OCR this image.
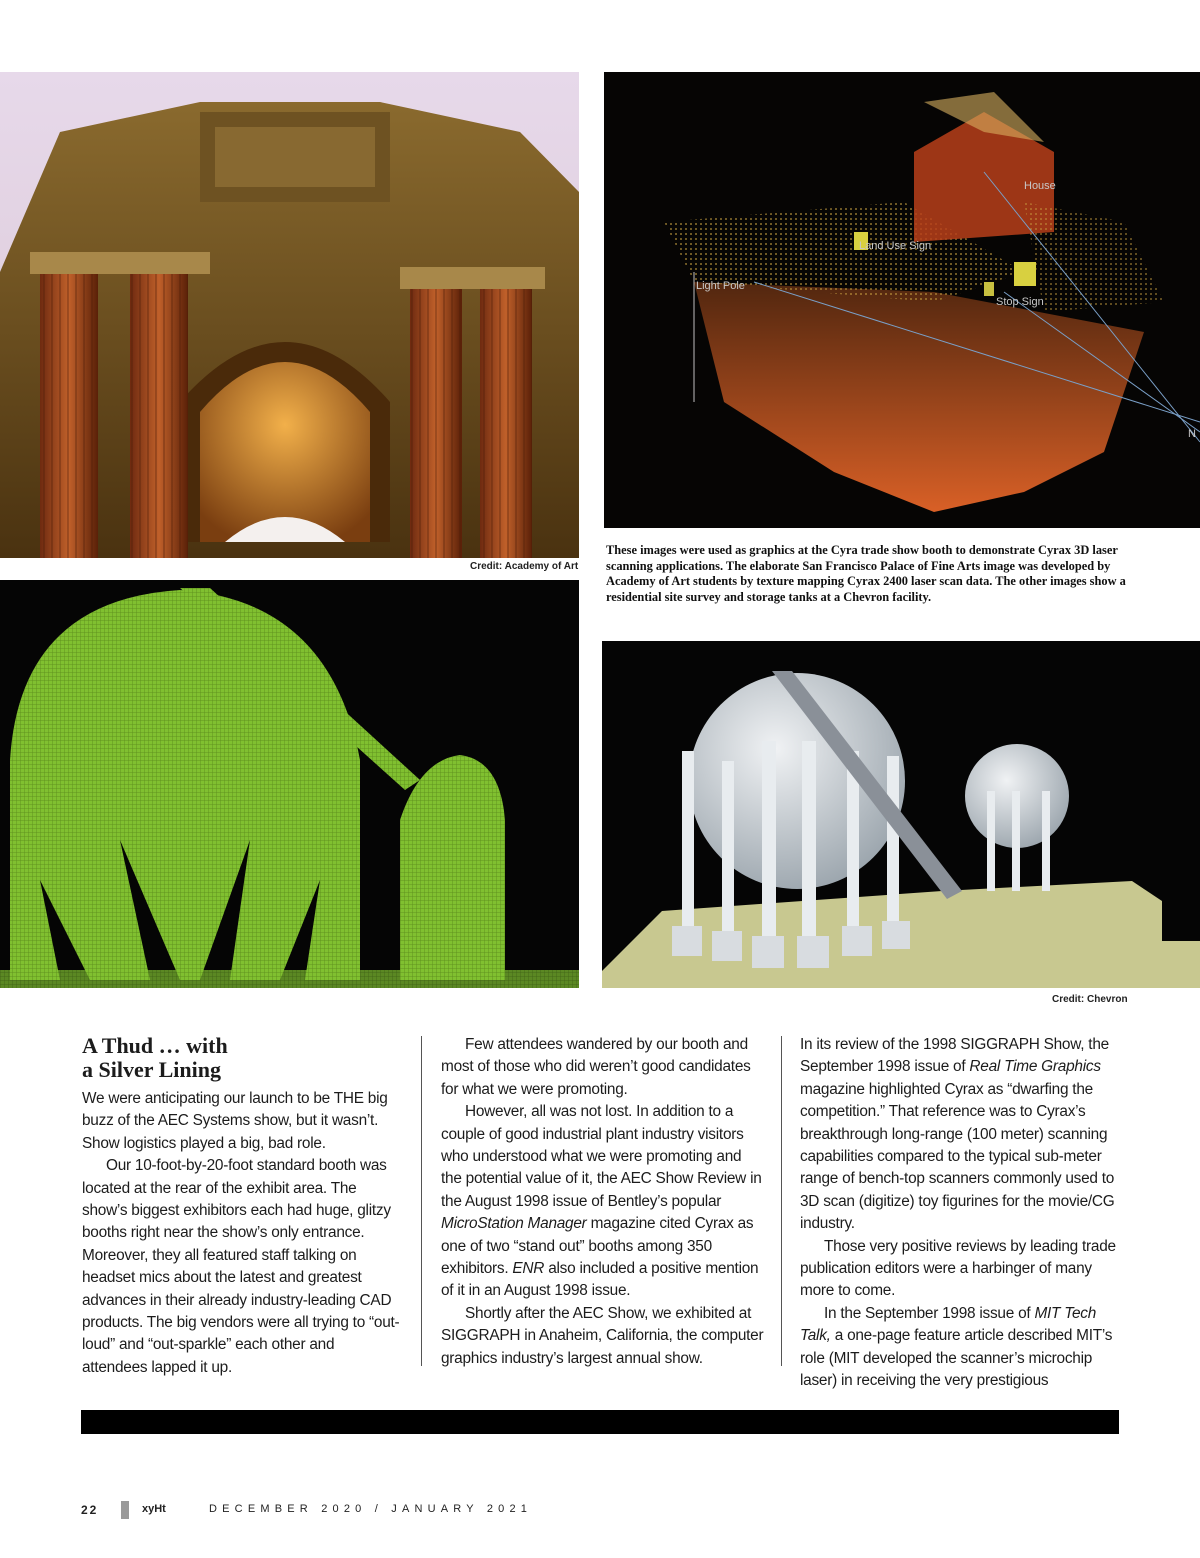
Credit: Academy of Art
House
Land Use Sign
Light Pole
Stop Sign
N
These images were used as graphics at the Cyra trade show booth to demonstrate Cyrax 3D laser scanning applications. The elaborate San Francisco Palace of Fine Arts image was developed by Academy of Art students by texture mapping Cyrax 2400 laser scan data. The other images show a residential site survey and storage tanks at a Chevron facility.
Credit: Chevron
A Thud … with
a Silver Lining

We were anticipating our launch to be THE big buzz of the AEC Systems show, but it wasn’t. Show logistics played a big, bad role.

Our 10-foot-by-20-foot standard booth was located at the rear of the exhibit area. The show’s biggest exhibitors each had huge, glitzy booths right near the show’s only entrance. Moreover, they all featured staff talking on headset mics about the latest and greatest advances in their already industry-leading CAD products. The big vendors were all trying to “out-loud” and “out-sparkle” each other and attendees lapped it up.

Few attendees wandered by our booth and most of those who did weren’t good candidates for what we were promoting.

However, all was not lost. In addition to a couple of good industrial plant industry visitors who understood what we were promoting and the potential value of it, the AEC Show Review in the August 1998 issue of Bentley’s popular MicroStation Manager magazine cited Cyrax as one of two “stand out” booths among 350 exhibitors. ENR also included a positive mention of it in an August 1998 issue.

Shortly after the AEC Show, we exhibited at SIGGRAPH in Anaheim, California, the computer graphics industry’s largest annual show.

In its review of the 1998 SIGGRAPH Show, the September 1998 issue of Real Time Graphics magazine highlighted Cyrax as “dwarfing the competition.” That reference was to Cyrax’s breakthrough long-range (100 meter) scanning capabilities compared to the typical sub-meter range of bench-top scanners commonly used to 3D scan (digitize) toy figurines for the movie/CG industry.

Those very positive reviews by leading trade publication editors were a harbinger of many more to come.

In the September 1998 issue of MIT Tech Talk, a one-page feature article described MIT’s role (MIT developed the scanner’s microchip laser) in receiving the very prestigious

22	xyHt	DECEMBER 2020 / JANUARY 2021
